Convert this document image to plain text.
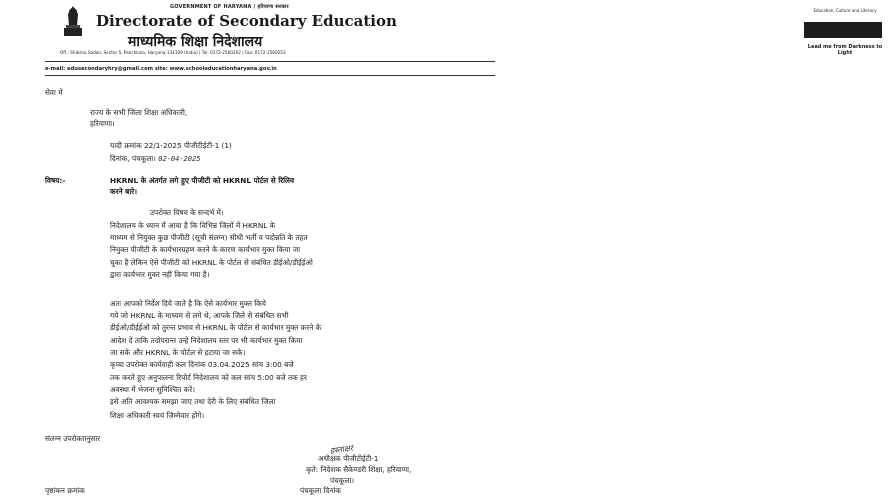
GOVERNMENT OF HARYANA / हरियाणा सरकार
Directorate of Secondary Education
माध्यमिक शिक्षा निदेशालय
Education, Culture and Literacy
Lead me from Darkness to Light
Off.: Shiksha Sadan, Sector 5, Panchkula, Haryana-134109 (India) | Tel: 0172-2560202 | Fax: 0172-2560253
e-mail: edusecondaryhry@gmail.com site: www.schooleducationharyana.gov.in
सेवा में
राज्य के सभी जिला शिक्षा अधिकारी,
हरियाणा।
यादी क्रमांक 22/1-2025 पीजीटीईटी-1 (1)
दिनांक, पंचकूला। 02-04-2025
विषय:-	HKRNL के अंतर्गत लगे हुए पीजीटी को HKRNL पोर्टल से रिलिव
करने बारे।
उपरोक्त विषय के सन्दर्भ में।
निदेशालय के ध्यान में आया है कि विभिन्न जिलों में HKRNL के
माध्यम से नियुक्त कुछ पीजीटी (सूची संलग्न) सीधी भर्ती व पदोन्नति के तहत
नियुक्त पीजीटी के कार्यभारग्रहण करने के कारण कार्यभार मुक्त किया जा
चुका है लेकिन ऐसे पीजीटी को HKRNL के पोर्टल से संबंधित डीईओ/डीईईओ
द्वारा कार्यभार मुक्त नहीं किया गया है।
अतः आपको निर्देश दिये जाते है कि ऐसे कार्यभार मुक्त किये
गये जो HKRNL के माध्यम से लगे थे, आपके जिले से संबंधित सभी
डीईओ/डीईईओ को तुरन्त प्रभाव से HKRNL के पोर्टल से कार्यभार मुक्त करने के
आदेश दें ताकि तदोपरान्त उन्हें निदेशालय स्तर पर भी कार्यभार मुक्त किया
जा सके और HKRNL के पोर्टल से हटाया जा सके।
कृप्या उपरोक्त कार्यवाही कल दिनांक 03.04.2025 सांय 3:00 बजे
तक करते हुए अनुपालना रिपोर्ट निदेशालय को कल सांय 5:00 बजे तक हर
अवस्था में भेजना सुनिश्चित करें।
इसे अति आवश्यक समझा जाए तथा देरी के लिए संबंधित जिला
शिक्षा अधिकारी स्वयं जिम्मेवार होंगे।
संलग्न उपरोक्तानुसार
हस्ताक्षर
अधीक्षक पीजीटीईटी-1
कृते: निदेशक सैकेण्डरी शिक्षा, हरियाणा,
पंचकूला।
पृष्ठांकन क्रमांक	पंचकूला दिनांक
